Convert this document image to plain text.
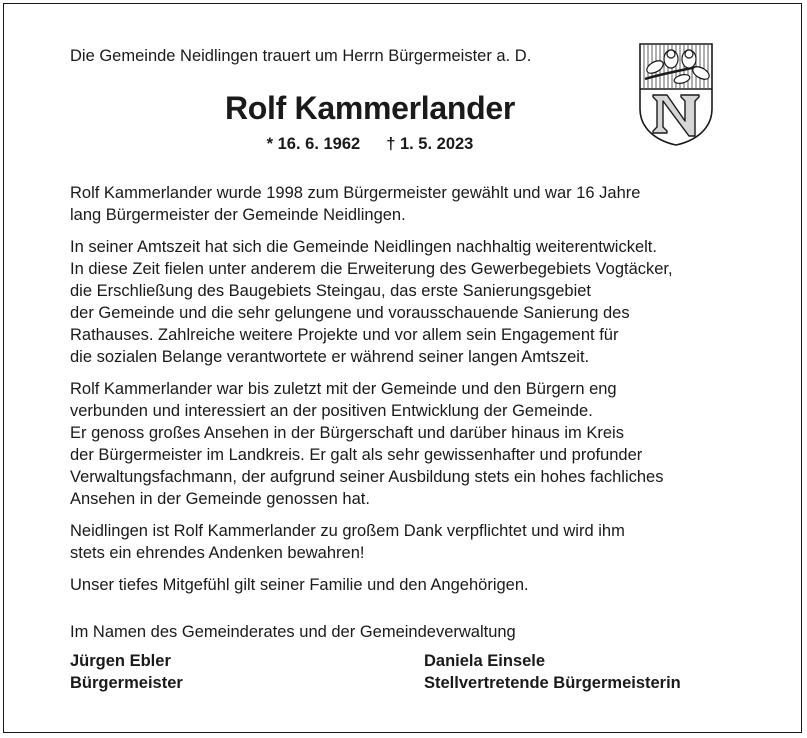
Die Gemeinde Neidlingen trauert um Herrn Bürgermeister a. D.
Rolf Kammerlander
* 16. 6. 1962 † 1. 5. 2023

Rolf Kammerlander wurde 1998 zum Bürgermeister gewählt und war 16 Jahre
lang Bürgermeister der Gemeinde Neidlingen.

In seiner Amtszeit hat sich die Gemeinde Neidlingen nachhaltig weiterentwickelt.
In diese Zeit fielen unter anderem die Erweiterung des Gewerbegebiets Vogtäcker,
die Erschließung des Baugebiets Steingau, das erste Sanierungsgebiet
der Gemeinde und die sehr gelungene und vorausschauende Sanierung des
Rathauses. Zahlreiche weitere Projekte und vor allem sein Engagement für
die sozialen Belange verantwortete er während seiner langen Amtszeit.

Rolf Kammerlander war bis zuletzt mit der Gemeinde und den Bürgern eng
verbunden und interessiert an der positiven Entwicklung der Gemeinde.
Er genoss großes Ansehen in der Bürgerschaft und darüber hinaus im Kreis
der Bürgermeister im Landkreis. Er galt als sehr gewissenhafter und profunder
Verwaltungsfachmann, der aufgrund seiner Ausbildung stets ein hohes fachliches
Ansehen in der Gemeinde genossen hat.

Neidlingen ist Rolf Kammerlander zu großem Dank verpflichtet und wird ihm
stets ein ehrendes Andenken bewahren!

Unser tiefes Mitgefühl gilt seiner Familie und den Angehörigen.

Im Namen des Gemeinderates und der Gemeindeverwaltung
Jürgen Ebler
Bürgermeister
Daniela Einsele
Stellvertretende Bürgermeisterin
